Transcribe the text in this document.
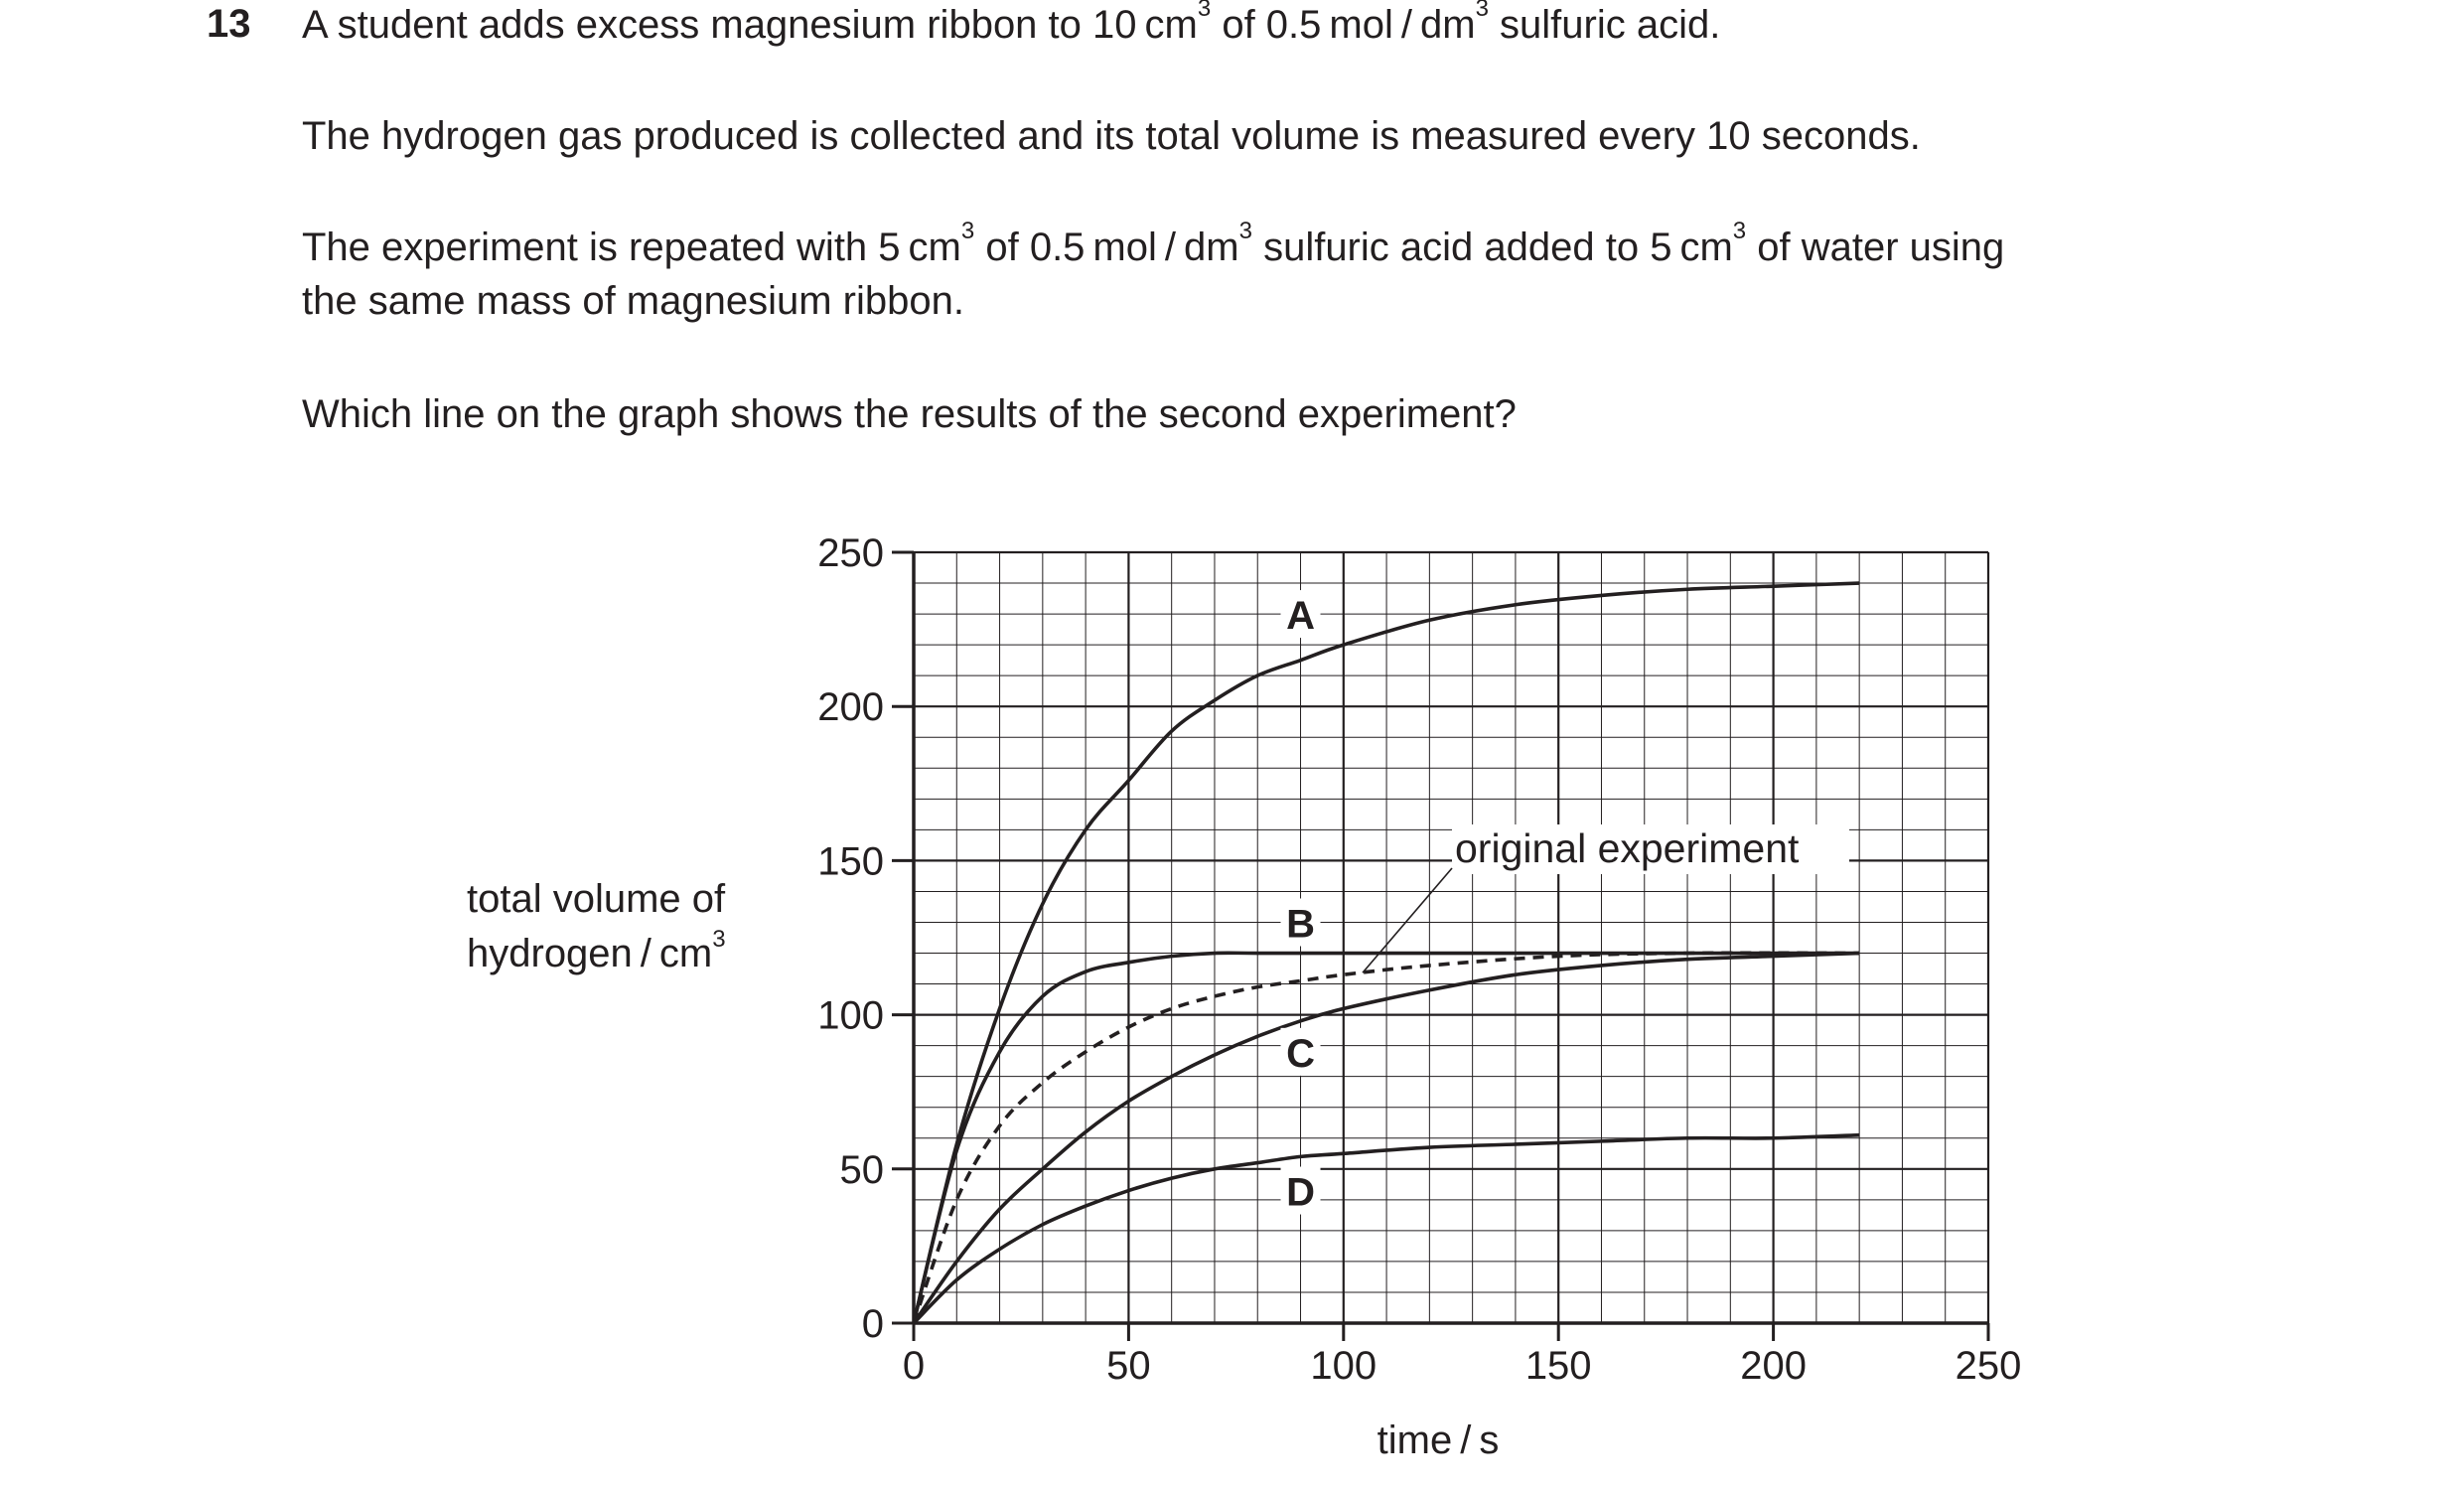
13 A student adds excess magnesium ribbon to 10 $cm^3$ of 0.5 mol / $dm^3$ sulfuric acid.

The hydrogen gas produced is collected and its total volume is measured every 10 seconds.

The experiment is repeated with 5 $cm^3$ of 0.5 mol / $dm^3$ sulfuric acid added to 5 $cm^3$ of water using
the same mass of magnesium ribbon.

Which line on the graph shows the results of the second experiment?

total volume of
hydrogen / $cm^3$
time / s
0
50
100
150
200
250
0	50	100	150	200	250
A
B
C
D
original experiment
